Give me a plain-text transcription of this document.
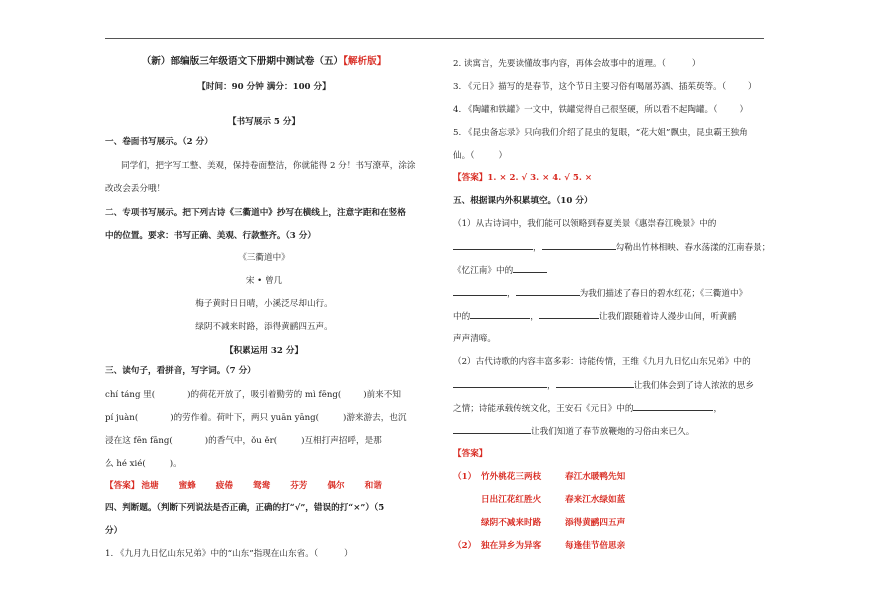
（新）部编版三年级语文下册期中测试卷（五）【解析版】
【时间：90 分钟 满分：100 分】
【书写展示 5 分】
一、卷面书写展示。（2 分）
同学们，把字写工整、美观，保持卷面整洁，你就能得 2 分！书写潦草，涂涂
改改会丢分哦！
二、专项书写展示。把下列古诗《三衢道中》抄写在横线上，注意字距和在竖格
中的位置。要求：书写正确、美观、行款整齐。（3 分）
《三衢道中》
宋 • 曾几
梅子黄时日日晴，小溪泛尽却山行。
绿阴不减来时路，添得黄鹂四五声。
【积累运用 32 分】
三、读句子，看拼音，写字词。（7 分）
chí táng 里(	)的荷花开放了，吸引着勤劳的 mì fēng(	)前来不知
pí juàn(	)的劳作着。荷叶下，两只 yuān yāng(	)游来游去，也沉
浸在这 fēn fāng(	)的香气中，ǒu ěr(	)互相打声招呼，是那
么 hé xié(	)。
【答案】 池塘 蜜蜂 疲倦 鸳鸯 芬芳 偶尔 和谐
四、判断题。（判断下列说法是否正确，正确的打“√”，错误的打“×”）（5
分）
1. 《九月九日忆山东兄弟》中的“山东”指现在山东省。（	）
2. 读寓言，先要读懂故事内容，再体会故事中的道理。（	）
3. 《元日》描写的是春节，这个节日主要习俗有喝屠苏酒、插茱萸等。（	）
4. 《陶罐和铁罐》一文中，铁罐觉得自己很坚硬，所以看不起陶罐。（	）
5. 《昆虫备忘录》只向我们介绍了昆虫的复眼，“花大姐”飘虫，昆虫霸王独角
仙。（	）
【答案】1. × 2. √ 3. × 4. √ 5. ×
五、根据课内外积累填空。（10 分）
（1）从古诗词中，我们能可以领略到春夏美景《惠崇春江晚景》中的
，	勾勒出竹林相映、春水荡漾的江南春景；
《忆江南》中的
，	为我们描述了春日的碧水红花；《三衢道中》
中的	，	让我们跟随着诗人漫步山间，听黄鹂
声声清啼。
（2）古代诗歌的内容丰富多彩：诗能传情，王维《九月九日忆山东兄弟》中的
，	让我们体会到了诗人浓浓的思乡
之情；诗能承载传统文化，王安石《元日》中的	，
让我们知道了春节放鞭炮的习俗由来已久。
【答案】
（1） 竹外桃花三两枝	春江水暖鸭先知
日出江花红胜火	春来江水绿如蓝
绿阴不减来时路	添得黄鹂四五声
（2） 独在异乡为异客	每逢佳节倍思亲
